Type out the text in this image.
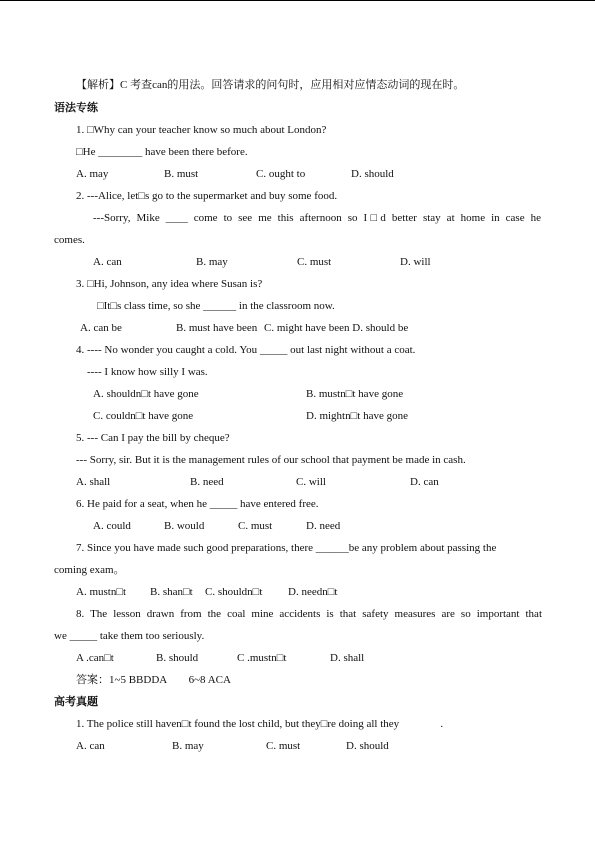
【解析】C 考查can的用法。回答请求的问句时，应用相对应情态动词的现在时。
语法专练
1. □Why can your teacher know so much about London?
□He ________ have been there before.
A. may	B. must	C. ought to	D. should
2. ---Alice, let□s go to the supermarket and buy some food.
---Sorry, Mike ____ come to see me this afternoon so I□d better stay at home in case he
comes.
A. can	B. may	C. must	D. will
3. □Hi, Johnson, any idea where Susan is?
□It□s class time, so she ______ in the classroom now.
A. can be	B. must have been C. might have been D. should be
4. ---- No wonder you caught a cold. You _____ out last night without a coat.
---- I know how silly I was.
A. shouldn□t have gone	B. mustn□t have gone
C. couldn□t have gone	D. mightn□t have gone
5. --- Can I pay the bill by cheque?
--- Sorry, sir. But it is the management rules of our school that payment be made in cash.
A. shall	B. need	C. will	D. can
6. He paid for a seat, when he _____ have entered free.
A. could	B. would	C. must	D. need
7. Since you have made such good preparations, there ______be any problem about passing the
coming exam。
A. mustn□t B. shan□t C. shouldn□t D. needn□t
8. The lesson drawn from the coal mine accidents is that safety measures are so important that
we _____ take them too seriously.
A .can□t	B. should	C .mustn□t	D. shall
答案：1~5 BBDDA        6~8 ACA
高考真题
1. The police still haven□t found the lost child, but they□re doing all they               .
A. can	B. may	C. must	D. should
